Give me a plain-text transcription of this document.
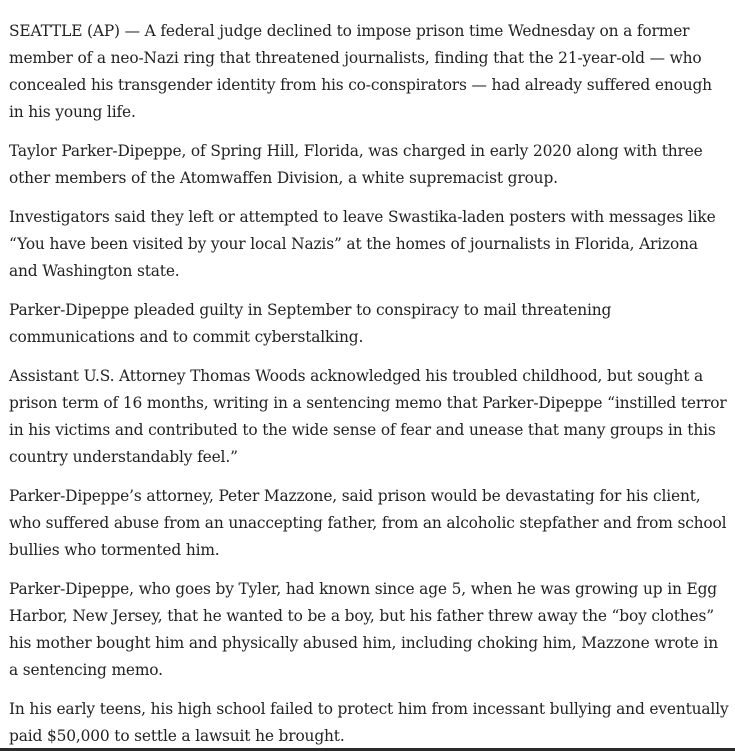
SEATTLE (AP) — A federal judge declined to impose prison time Wednesday on a former member of a neo-Nazi ring that threatened journalists, finding that the 21-year-old — who concealed his transgender identity from his co-conspirators — had already suffered enough in his young life.

Taylor Parker-Dipeppe, of Spring Hill, Florida, was charged in early 2020 along with three other members of the Atomwaffen Division, a white supremacist group.

Investigators said they left or attempted to leave Swastika-laden posters with messages like “You have been visited by your local Nazis” at the homes of journalists in Florida, Arizona and Washington state.

Parker-Dipeppe pleaded guilty in September to conspiracy to mail threatening communications and to commit cyberstalking.

Assistant U.S. Attorney Thomas Woods acknowledged his troubled childhood, but sought a prison term of 16 months, writing in a sentencing memo that Parker-Dipeppe “instilled terror in his victims and contributed to the wide sense of fear and unease that many groups in this country understandably feel.”

Parker-Dipeppe’s attorney, Peter Mazzone, said prison would be devastating for his client, who suffered abuse from an unaccepting father, from an alcoholic stepfather and from school bullies who tormented him.

Parker-Dipeppe, who goes by Tyler, had known since age 5, when he was growing up in Egg Harbor, New Jersey, that he wanted to be a boy, but his father threw away the “boy clothes” his mother bought him and physically abused him, including choking him, Mazzone wrote in a sentencing memo.

In his early teens, his high school failed to protect him from incessant bullying and eventually paid $50,000 to settle a lawsuit he brought.
